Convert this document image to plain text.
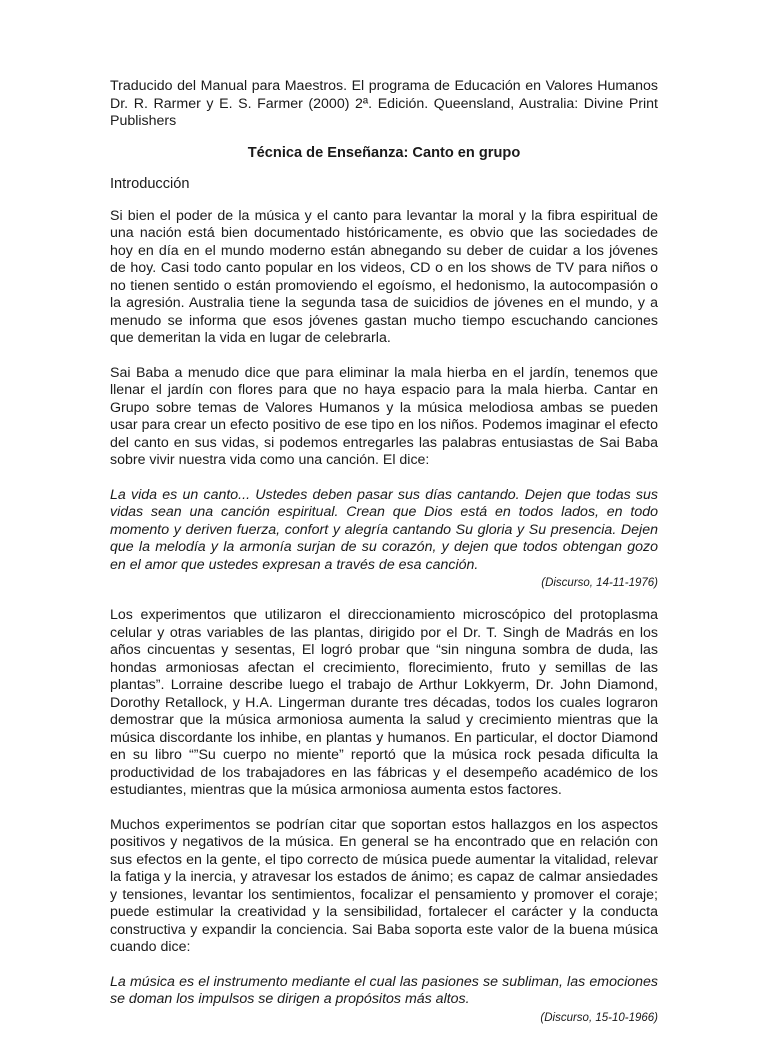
Traducido del Manual para Maestros. El programa de Educación en Valores Humanos Dr. R. Rarmer y E. S. Farmer (2000) 2ª. Edición. Queensland, Australia: Divine Print Publishers

Técnica de Enseñanza: Canto en grupo

Introducción

Si bien el poder de la música y el canto para levantar la moral y la fibra espiritual de una nación está bien documentado históricamente, es obvio que las sociedades de hoy en día en el mundo moderno están abnegando su deber de cuidar a los jóvenes de hoy. Casi todo canto popular en los videos, CD o en los shows de TV para niños o no tienen sentido o están promoviendo el egoísmo, el hedonismo, la autocompasión o la agresión. Australia tiene la segunda tasa de suicidios de jóvenes en el mundo, y a menudo se informa que esos jóvenes gastan mucho tiempo escuchando canciones que demeritan la vida en lugar de celebrarla.

Sai Baba a menudo dice que para eliminar la mala hierba en el jardín, tenemos que llenar el jardín con flores para que no haya espacio para la mala hierba. Cantar en Grupo sobre temas de Valores Humanos y la música melodiosa ambas se pueden usar para crear un efecto positivo de ese tipo en los niños. Podemos imaginar el efecto del canto en sus vidas, si podemos entregarles las palabras entusiastas de Sai Baba sobre vivir nuestra vida como una canción. El dice:

La vida es un canto... Ustedes deben pasar sus días cantando. Dejen que todas sus vidas sean una canción espiritual. Crean que Dios está en todos lados, en todo momento y deriven fuerza, confort y alegría cantando Su gloria y Su presencia. Dejen que la melodía y la armonía surjan de su corazón, y dejen que todos obtengan gozo en el amor que ustedes expresan a través de esa canción.

(Discurso, 14-11-1976)

Los experimentos que utilizaron el direccionamiento microscópico del protoplasma celular y otras variables de las plantas, dirigido por el Dr. T. Singh de Madrás en los años cincuentas y sesentas, El logró probar que “sin ninguna sombra de duda, las hondas armoniosas afectan el crecimiento, florecimiento, fruto y semillas de las plantas”. Lorraine describe luego el trabajo de Arthur Lokkyerm, Dr. John Diamond, Dorothy Retallock, y H.A. Lingerman durante tres décadas, todos los cuales lograron demostrar que la música armoniosa aumenta la salud y crecimiento mientras que la música discordante los inhibe, en plantas y humanos. En particular, el doctor Diamond en su libro “”Su cuerpo no miente” reportó que la música rock pesada dificulta la productividad de los trabajadores en las fábricas y el desempeño académico de los estudiantes, mientras que la música armoniosa aumenta estos factores.

Muchos experimentos se podrían citar que soportan estos hallazgos en los aspectos positivos y negativos de la música. En general se ha encontrado que en relación con sus efectos en la gente, el tipo correcto de música puede aumentar la vitalidad, relevar la fatiga y la inercia, y atravesar los estados de ánimo; es capaz de calmar ansiedades y tensiones, levantar los sentimientos, focalizar el pensamiento y promover el coraje; puede estimular la creatividad y la sensibilidad, fortalecer el carácter y la conducta constructiva y expandir la conciencia. Sai Baba soporta este valor de la buena música cuando dice:

La música es el instrumento mediante el cual las pasiones se subliman, las emociones se doman los impulsos se dirigen a propósitos más altos.

(Discurso, 15-10-1966)
